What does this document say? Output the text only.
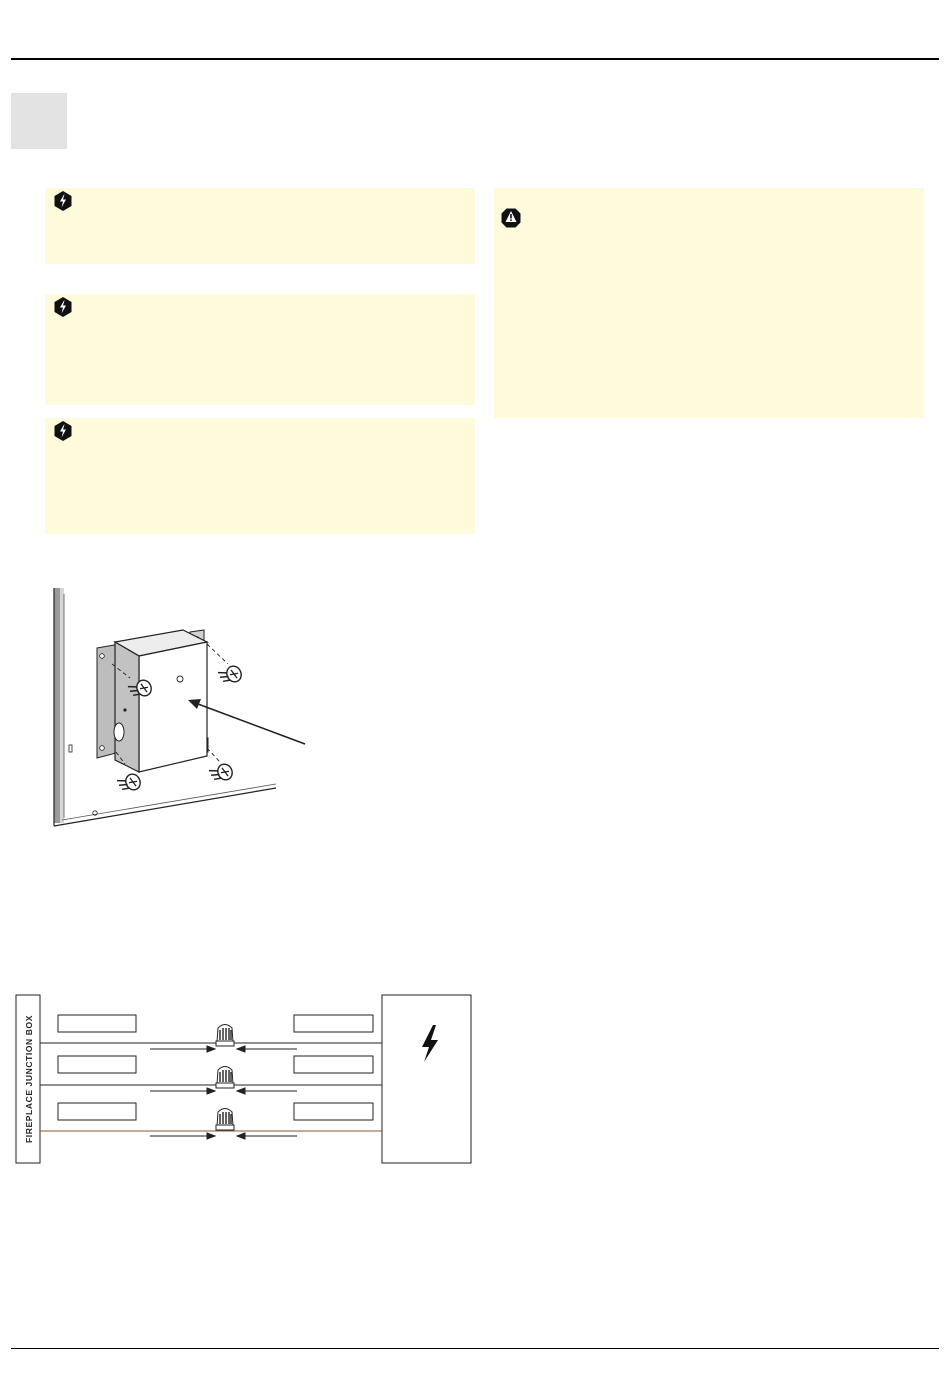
FIREPLACE JUNCTION BOX
